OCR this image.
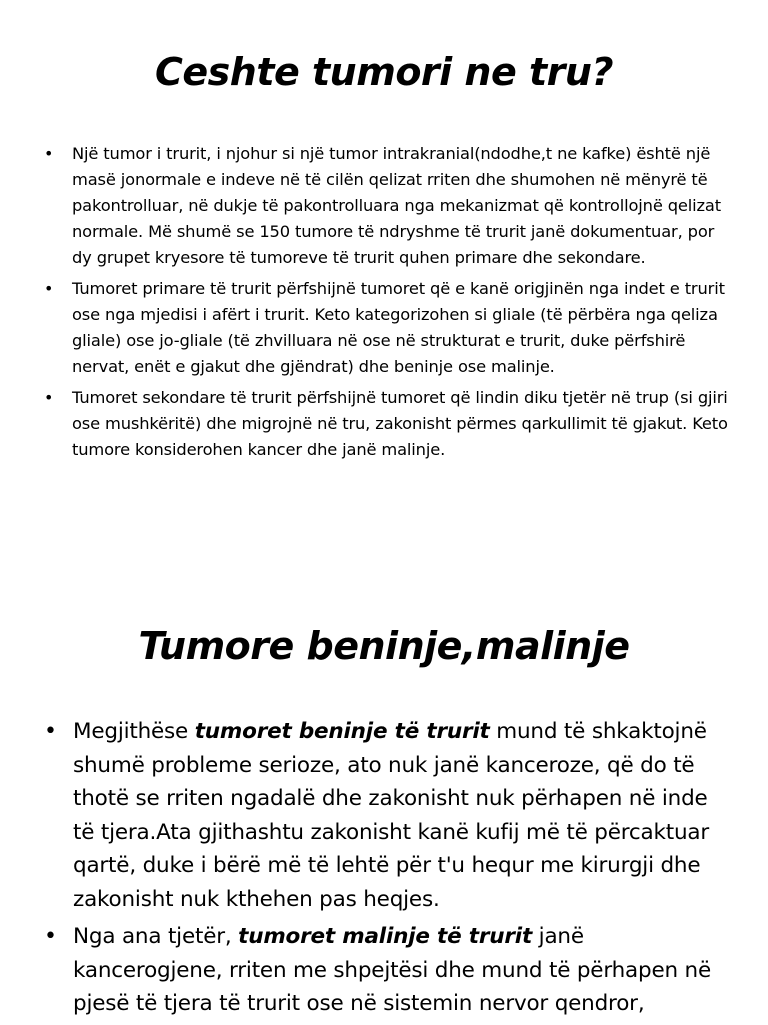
Ceshte tumori ne tru?
• Një tumor i trurit, i njohur si një tumor intrakranial(ndodhe,t ne kafke) është një masë jonormale e indeve në të cilën qelizat rriten dhe shumohen në mënyrë të pakontrolluar, në dukje të pakontrolluara nga mekanizmat që kontrollojnë qelizat normale. Më shumë se 150 tumore të ndryshme të trurit janë dokumentuar, por dy grupet kryesore të tumoreve të trurit quhen primare dhe sekondare.
• Tumoret primare të trurit përfshijnë tumoret që e kanë origjinën nga indet e trurit ose nga mjedisi i afërt i trurit. Keto kategorizohen si gliale (të përbëra nga qeliza gliale) ose jo-gliale (të zhvilluara në ose në strukturat e trurit, duke përfshirë nervat, enët e gjakut dhe gjëndrat) dhe beninje ose malinje.
• Tumoret sekondare të trurit përfshijnë tumoret që lindin diku tjetër në trup (si gjiri ose mushkëritë) dhe migrojnë në tru, zakonisht përmes qarkullimit të gjakut. Keto tumore konsiderohen kancer dhe janë malinje.
Tumore beninje,malinje
• Megjithëse tumoret beninje të trurit mund të shkaktojnë shumë probleme serioze, ato nuk janë kanceroze, që do të thotë se rriten ngadalë dhe zakonisht nuk përhapen në inde të tjera.Ata gjithashtu zakonisht kanë kufij më të përcaktuar qartë, duke i bërë më të lehtë për t'u hequr me kirurgji dhe zakonisht nuk kthehen pas heqjes.
• Nga ana tjetër, tumoret malinje të trurit janë kancerogjene, rriten me shpejtësi dhe mund të përhapen në pjesë të tjera të trurit ose në sistemin nervor qendror,
